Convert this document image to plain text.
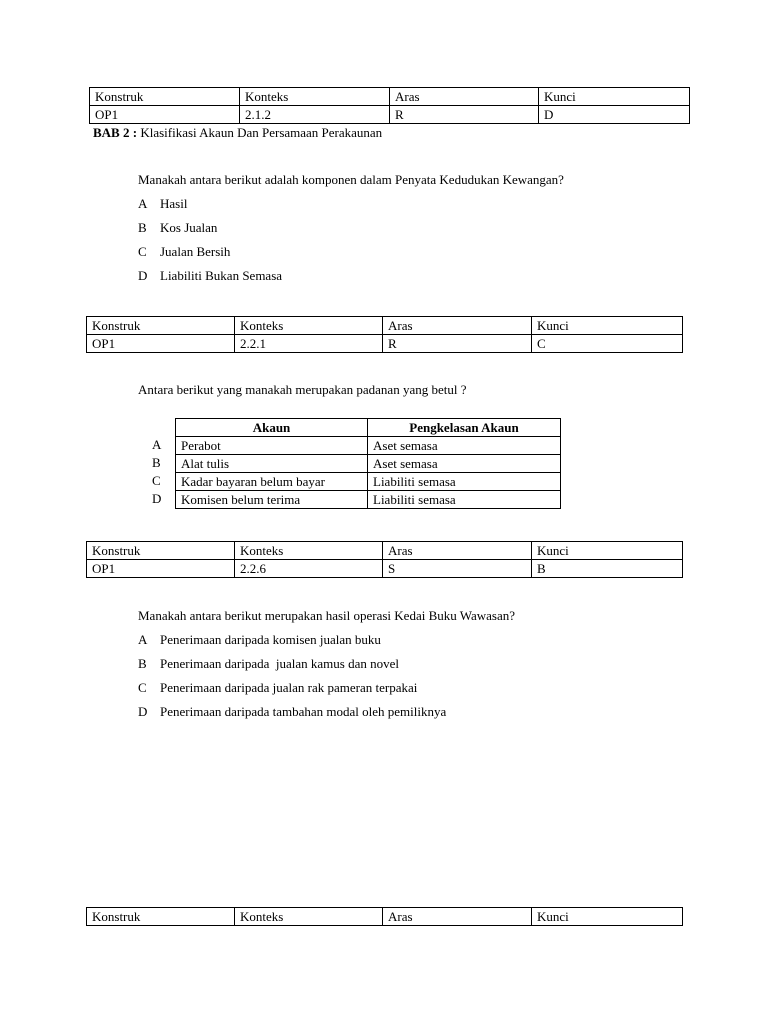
Konstruk	Konteks	Aras	Kunci
OP1	2.1.2	R	D
BAB 2 : Klasifikasi Akaun Dan Persamaan Perakaunan
Manakah antara berikut adalah komponen dalam Penyata Kedudukan Kewangan?
A Hasil
B Kos Jualan
C Jualan Bersih
D Liabiliti Bukan Semasa
Konstruk	Konteks	Aras	Kunci
OP1	2.2.1	R	C
Antara berikut yang manakah merupakan padanan yang betul ?
A
B
C
D
Akaun	Pengkelasan Akaun
Perabot	Aset semasa
Alat tulis	Aset semasa
Kadar bayaran belum bayar	Liabiliti semasa
Komisen belum terima	Liabiliti semasa
Konstruk	Konteks	Aras	Kunci
OP1	2.2.6	S	B
Manakah antara berikut merupakan hasil operasi Kedai Buku Wawasan?
A Penerimaan daripada komisen jualan buku
B Penerimaan daripada  jualan kamus dan novel
C Penerimaan daripada jualan rak pameran terpakai
D Penerimaan daripada tambahan modal oleh pemiliknya
Konstruk	Konteks	Aras	Kunci
